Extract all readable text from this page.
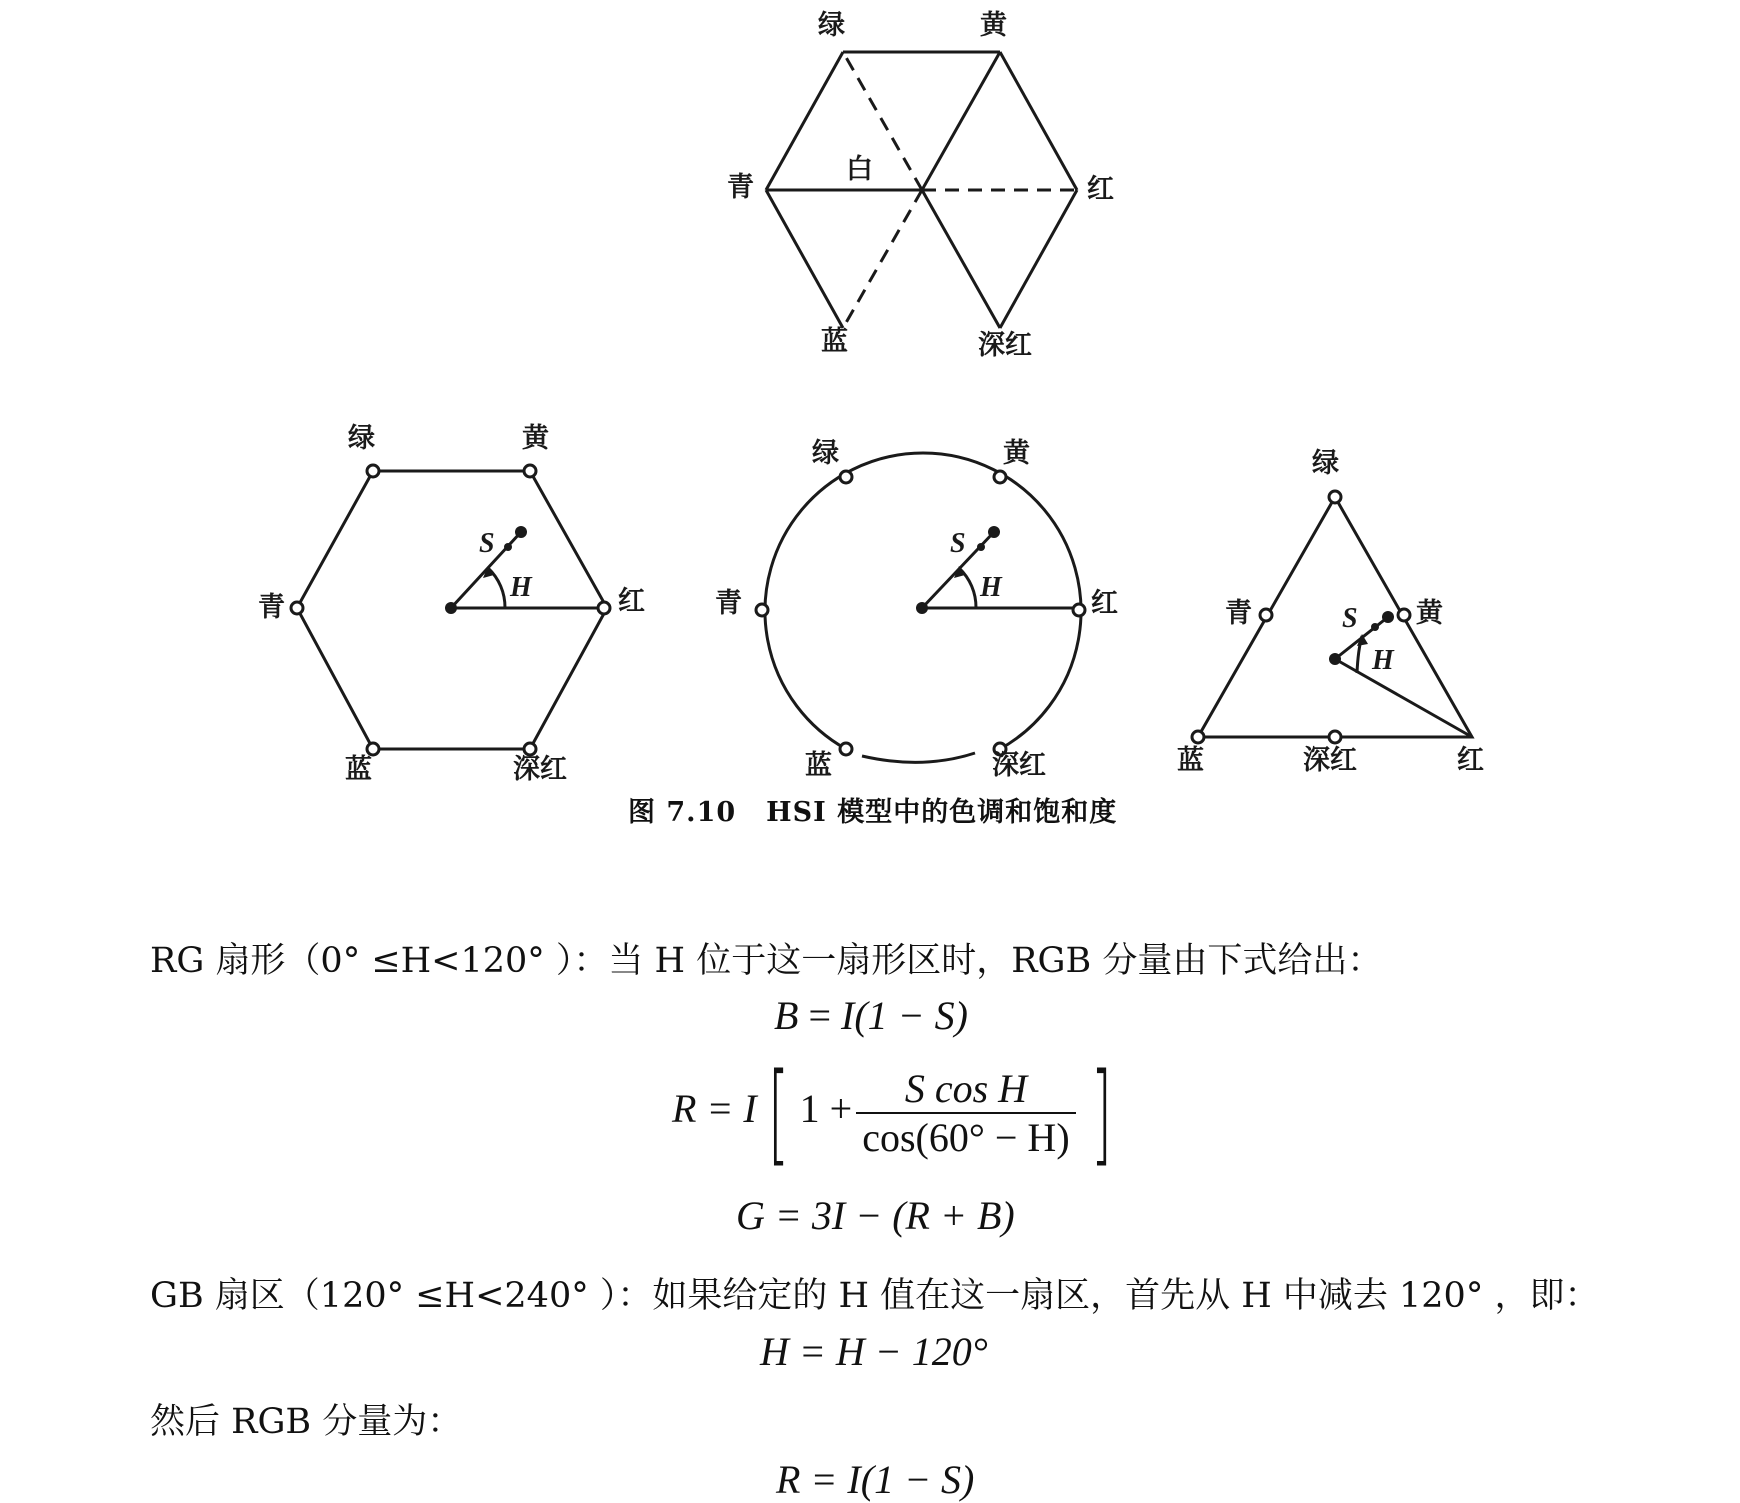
绿	黄
青
白
红
蓝	深红
绿	黄
青	红
蓝	深红
S
H
绿	黄
青	红
蓝	深红
S
H
绿
青	黄
蓝	深红	红
S
H
图 7.10 HSI 模型中的色调和饱和度
RG 扇形（0° ≤H<120° ）：当 H 位于这一扇形区时，RGB 分量由下式给出：
B = I(1 − S)
R = I[ $1 + \frac{\text{S cos H}}{\cos(60^\circ - H)}$ ]
G = 3I − (R + B)
GB 扇区（120° ≤H<240° ）：如果给定的 H 值在这一扇区，首先从 H 中减去 120° ，即：
H = H − 120°
然后 RGB 分量为：
R = I(1 − S)
